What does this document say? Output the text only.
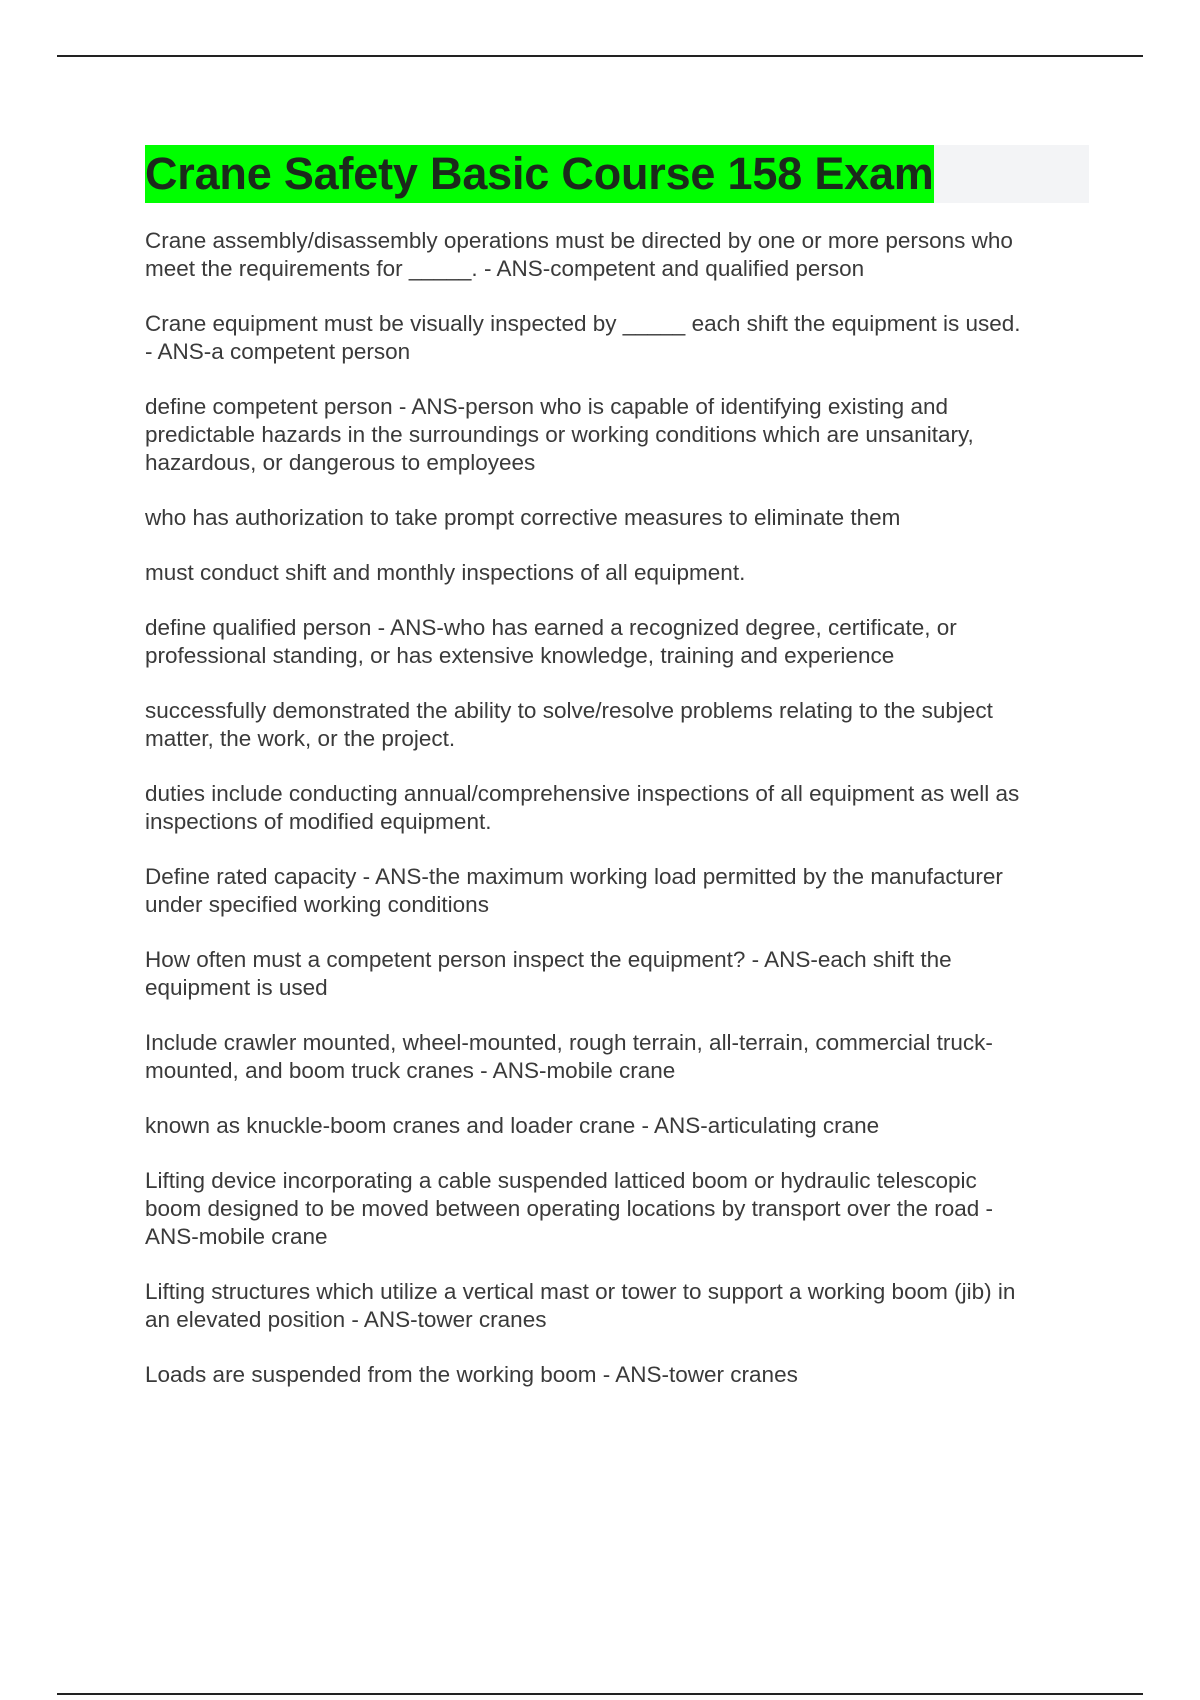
Crane Safety Basic Course 158 Exam

Crane assembly/disassembly operations must be directed by one or more persons who
meet the requirements for _____. - ANS-competent and qualified person

Crane equipment must be visually inspected by _____ each shift the equipment is used.
- ANS-a competent person

define competent person - ANS-person who is capable of identifying existing and
predictable hazards in the surroundings or working conditions which are unsanitary,
hazardous, or dangerous to employees

who has authorization to take prompt corrective measures to eliminate them

must conduct shift and monthly inspections of all equipment.

define qualified person - ANS-who has earned a recognized degree, certificate, or
professional standing, or has extensive knowledge, training and experience

successfully demonstrated the ability to solve/resolve problems relating to the subject
matter, the work, or the project.

duties include conducting annual/comprehensive inspections of all equipment as well as
inspections of modified equipment.

Define rated capacity - ANS-the maximum working load permitted by the manufacturer
under specified working conditions

How often must a competent person inspect the equipment? - ANS-each shift the
equipment is used

Include crawler mounted, wheel-mounted, rough terrain, all-terrain, commercial truck-
mounted, and boom truck cranes - ANS-mobile crane

known as knuckle-boom cranes and loader crane - ANS-articulating crane

Lifting device incorporating a cable suspended latticed boom or hydraulic telescopic
boom designed to be moved between operating locations by transport over the road -
ANS-mobile crane

Lifting structures which utilize a vertical mast or tower to support a working boom (jib) in
an elevated position - ANS-tower cranes

Loads are suspended from the working boom - ANS-tower cranes
